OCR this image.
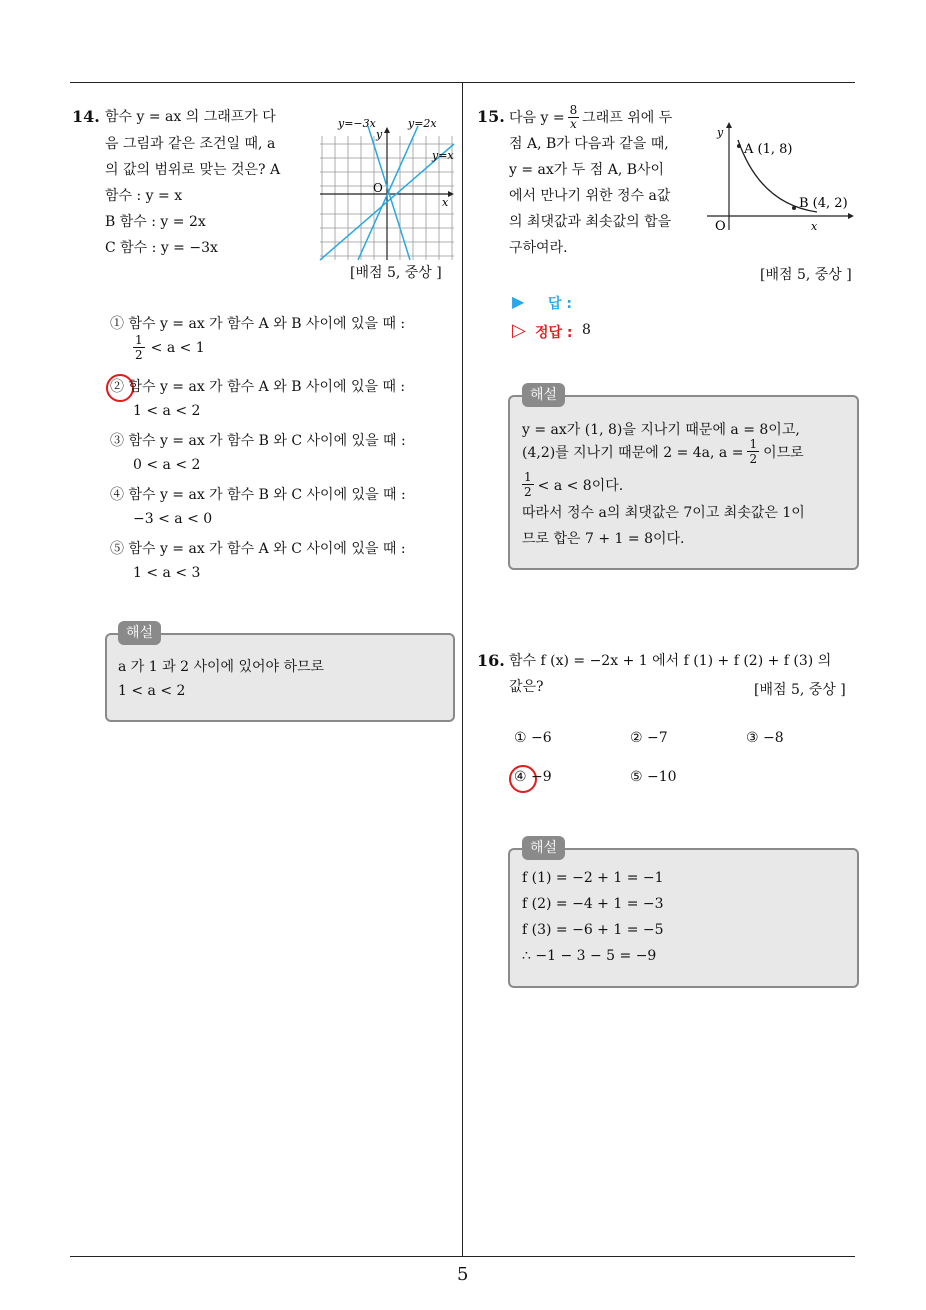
5
14. 함수 y = ax 의 그래프가 다
음 그림과 같은 조건일 때, a
의 값의 범위로 맞는 것은? A
함수 : y = x
B 함수 : y = 2x
C 함수 : y = −3x
y=−3x	y=2x
y=x
O
x
y
[배점 5, 중상 ]
① 함수 y = ax 가 함수 A 와 B 사이에 있을 때 :
$\frac{1}{2} < a < 1$
② 함수 y = ax 가 함수 A 와 B 사이에 있을 때 :
1 < a < 2
③ 함수 y = ax 가 함수 B 와 C 사이에 있을 때 :
0 < a < 2
④ 함수 y = ax 가 함수 B 와 C 사이에 있을 때 :
−3 < a < 0
⑤ 함수 y = ax 가 함수 A 와 C 사이에 있을 때 :
1 < a < 3
해설
a 가 1 과 2 사이에 있어야 하므로
1 < a < 2
15. 다음 $y = \frac{8}{x}$ 그래프 위에 두
점 A, B가 다음과 같을 때,
y = ax가 두 점 A, B사이
에서 만나기 위한 정수 a값
의 최댓값과 최솟값의 합을
구하여라.
A (1, 8)
B (4, 2)
O	x
y
[배점 5, 중상 ]
▶ 답 :
▷ 정답 : 8
해설
y = ax가 (1, 8)을 지나기 때문에 a = 8이고,
(4,2)를 지나기 때문에 2 = 4a, $a = \frac{1}{2}$ 이므로
$\frac{1}{2} < a < 8$이다.
따라서 정수 a의 최댓값은 7이고 최솟값은 1이
므로 합은 7 + 1 = 8이다.
16. 함수 f (x) = −2x + 1 에서 f (1) + f (2) + f (3) 의
값은?	[배점 5, 중상 ]
① −6	② −7	③ −8
④ −9	⑤ −10
해설
f (1) = −2 + 1 = −1
f (2) = −4 + 1 = −3
f (3) = −6 + 1 = −5
∴ −1 − 3 − 5 = −9
